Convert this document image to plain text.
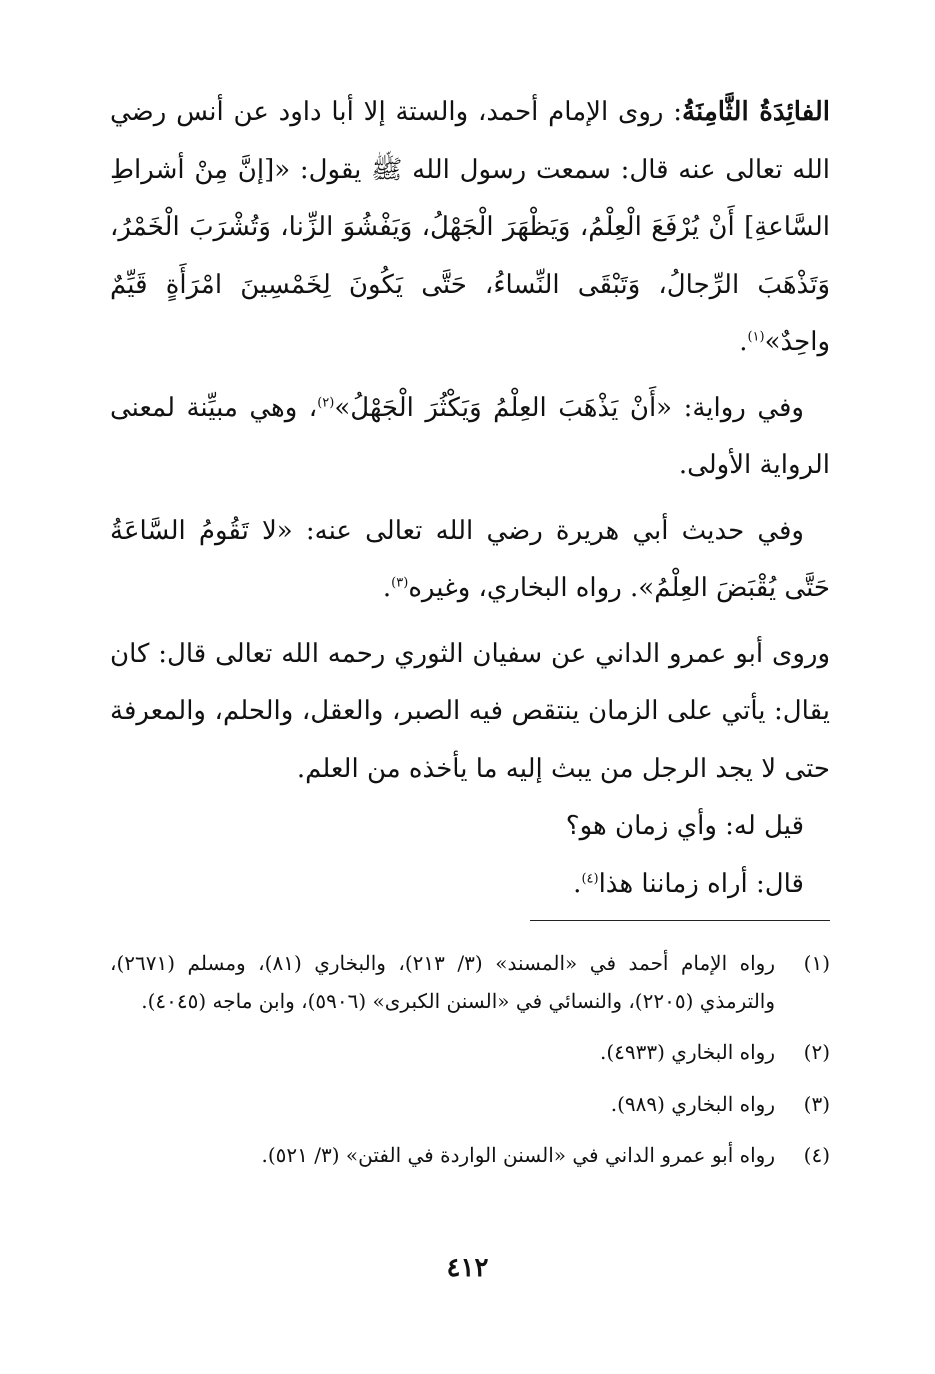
الفائِدَةُ الثَّامِنَةُ: روى الإمام أحمد، والستة إلا أبا داود عن أنس رضي الله تعالى عنه قال: سمعت رسول الله ﷺ يقول: «[إنَّ مِنْ أشراطِ السَّاعةِ] أَنْ يُرْفَعَ الْعِلْمُ، وَيَظْهَرَ الْجَهْلُ، وَيَفْشُوَ الزِّنا، وَتُشْرَبَ الْخَمْرُ، وَتَذْهَبَ الرِّجالُ، وَتَبْقَى النِّساءُ، حَتَّى يَكُونَ لِخَمْسِينَ امْرَأَةٍ قَيِّمٌ واحِدٌ»$^{(١)}$.

وفي رواية: «أَنْ يَذْهَبَ العِلْمُ وَيَكْثُرَ الْجَهْلُ»$^{(٢)}$، وهي مبيِّنة لمعنى الرواية الأولى.

وفي حديث أبي هريرة رضي الله تعالى عنه: «لا تَقُومُ السَّاعَةُ حَتَّى يُقْبَضَ العِلْمُ». رواه البخاري، وغيره$^{(٣)}$.

وروى أبو عمرو الداني عن سفيان الثوري رحمه الله تعالى قال: كان يقال: يأتي على الزمان ينتقص فيه الصبر، والعقل، والحلم، والمعرفة حتى لا يجد الرجل من يبث إليه ما يأخذه من العلم.

قيل له: وأي زمان هو؟

قال: أراه زماننا هذا$^{(٤)}$.

(١)
رواه الإمام أحمد في «المسند» (٣/ ٢١٣)، والبخاري (٨١)، ومسلم (٢٦٧١)، والترمذي (٢٢٠٥)، والنسائي في «السنن الكبرى» (٥٩٠٦)، وابن ماجه (٤٠٤٥).
(٢)
رواه البخاري (٤٩٣٣).
(٣)
رواه البخاري (٩٨٩).
(٤)
رواه أبو عمرو الداني في «السنن الواردة في الفتن» (٣/ ٥٢١).
٤١٢
